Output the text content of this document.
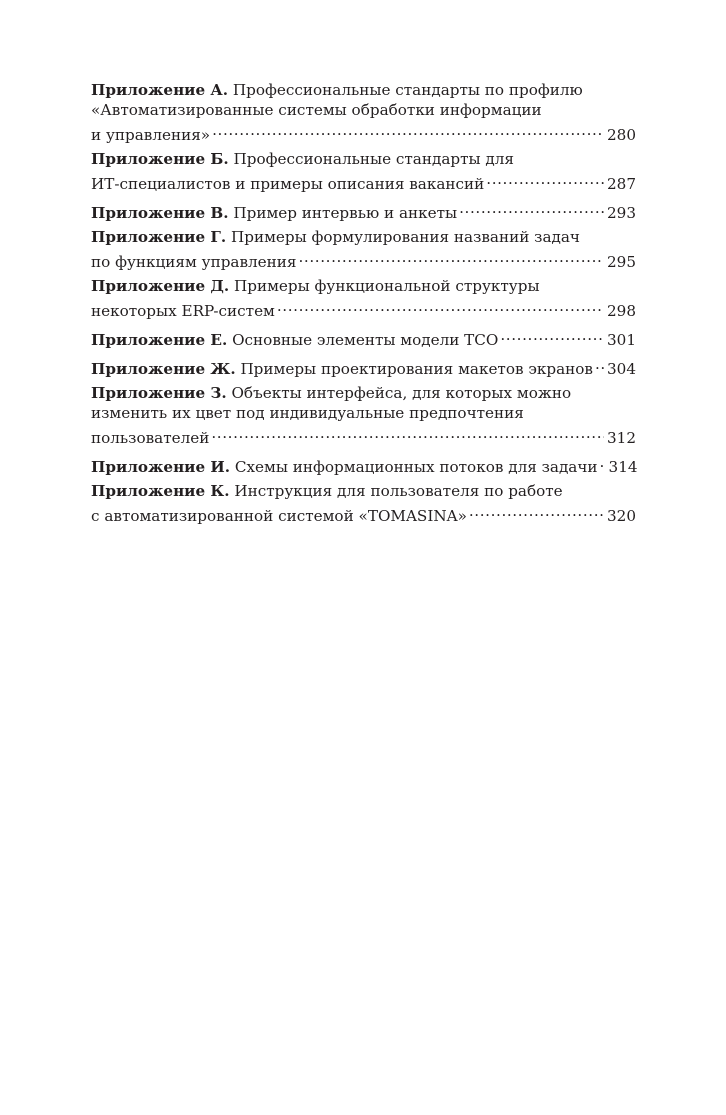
Приложение А. Профессиональные стандарты по профилю
«Автоматизированные системы обработки информации
и управления» .....	280
Приложение Б. Профессиональные стандарты для
ИТ-специалистов и примеры описания вакансий .....	287
Приложение В. Пример интервью и анкеты .....	293
Приложение Г. Примеры формулирования названий задач
по функциям управления .....	295
Приложение Д. Примеры функциональной структуры
некоторых ERP-систем .....	298
Приложение Е. Основные элементы модели TCO .....	301
Приложение Ж. Примеры проектирования макетов экранов ..... 304
Приложение З. Объекты интерфейса, для которых можно
изменить их цвет под индивидуальные предпочтения
пользователей .....	312
Приложение И. Схемы информационных потоков для задачи ..... 314
Приложение К. Инструкция для пользователя по работе
с автоматизированной системой «TOMASINA» .....	320
